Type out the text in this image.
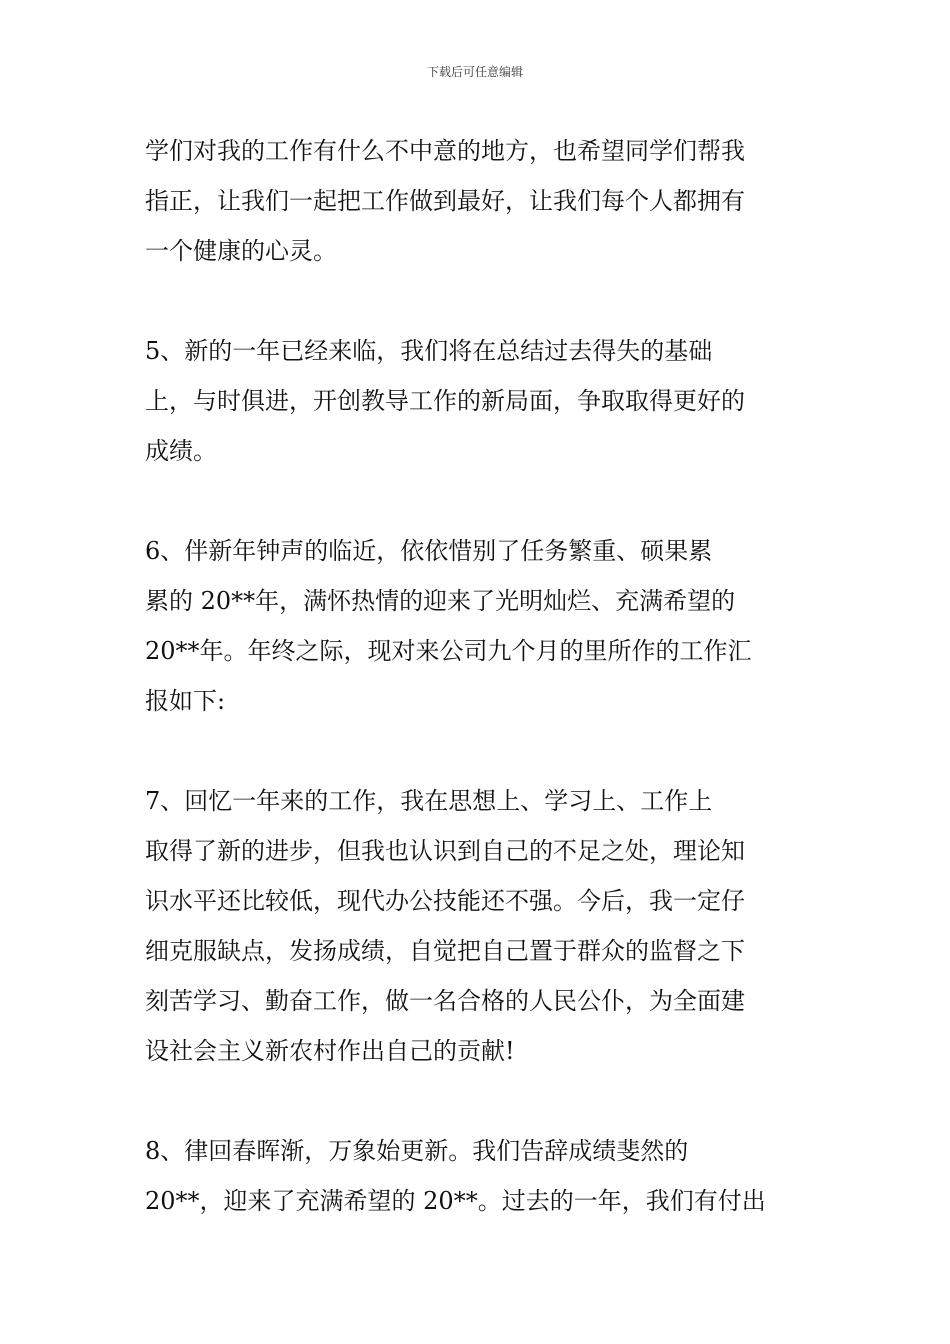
下载后可任意编辑

学们对我的工作有什么不中意的地方，也希望同学们帮我
指正，让我们一起把工作做到最好，让我们每个人都拥有
一个健康的心灵。

5、新的一年已经来临，我们将在总结过去得失的基础
上，与时俱进，开创教导工作的新局面，争取取得更好的
成绩。

6、伴新年钟声的临近，依依惜别了任务繁重、硕果累
累的 20**年，满怀热情的迎来了光明灿烂、充满希望的
20**年。年终之际，现对来公司九个月的里所作的工作汇
报如下:

7、回忆一年来的工作，我在思想上、学习上、工作上
取得了新的进步，但我也认识到自己的不足之处，理论知
识水平还比较低，现代办公技能还不强。今后，我一定仔
细克服缺点，发扬成绩，自觉把自己置于群众的监督之下
刻苦学习、勤奋工作，做一名合格的人民公仆，为全面建
设社会主义新农村作出自己的贡献!

8、律回春晖渐，万象始更新。我们告辞成绩斐然的
20**，迎来了充满希望的 20**。过去的一年，我们有付出
